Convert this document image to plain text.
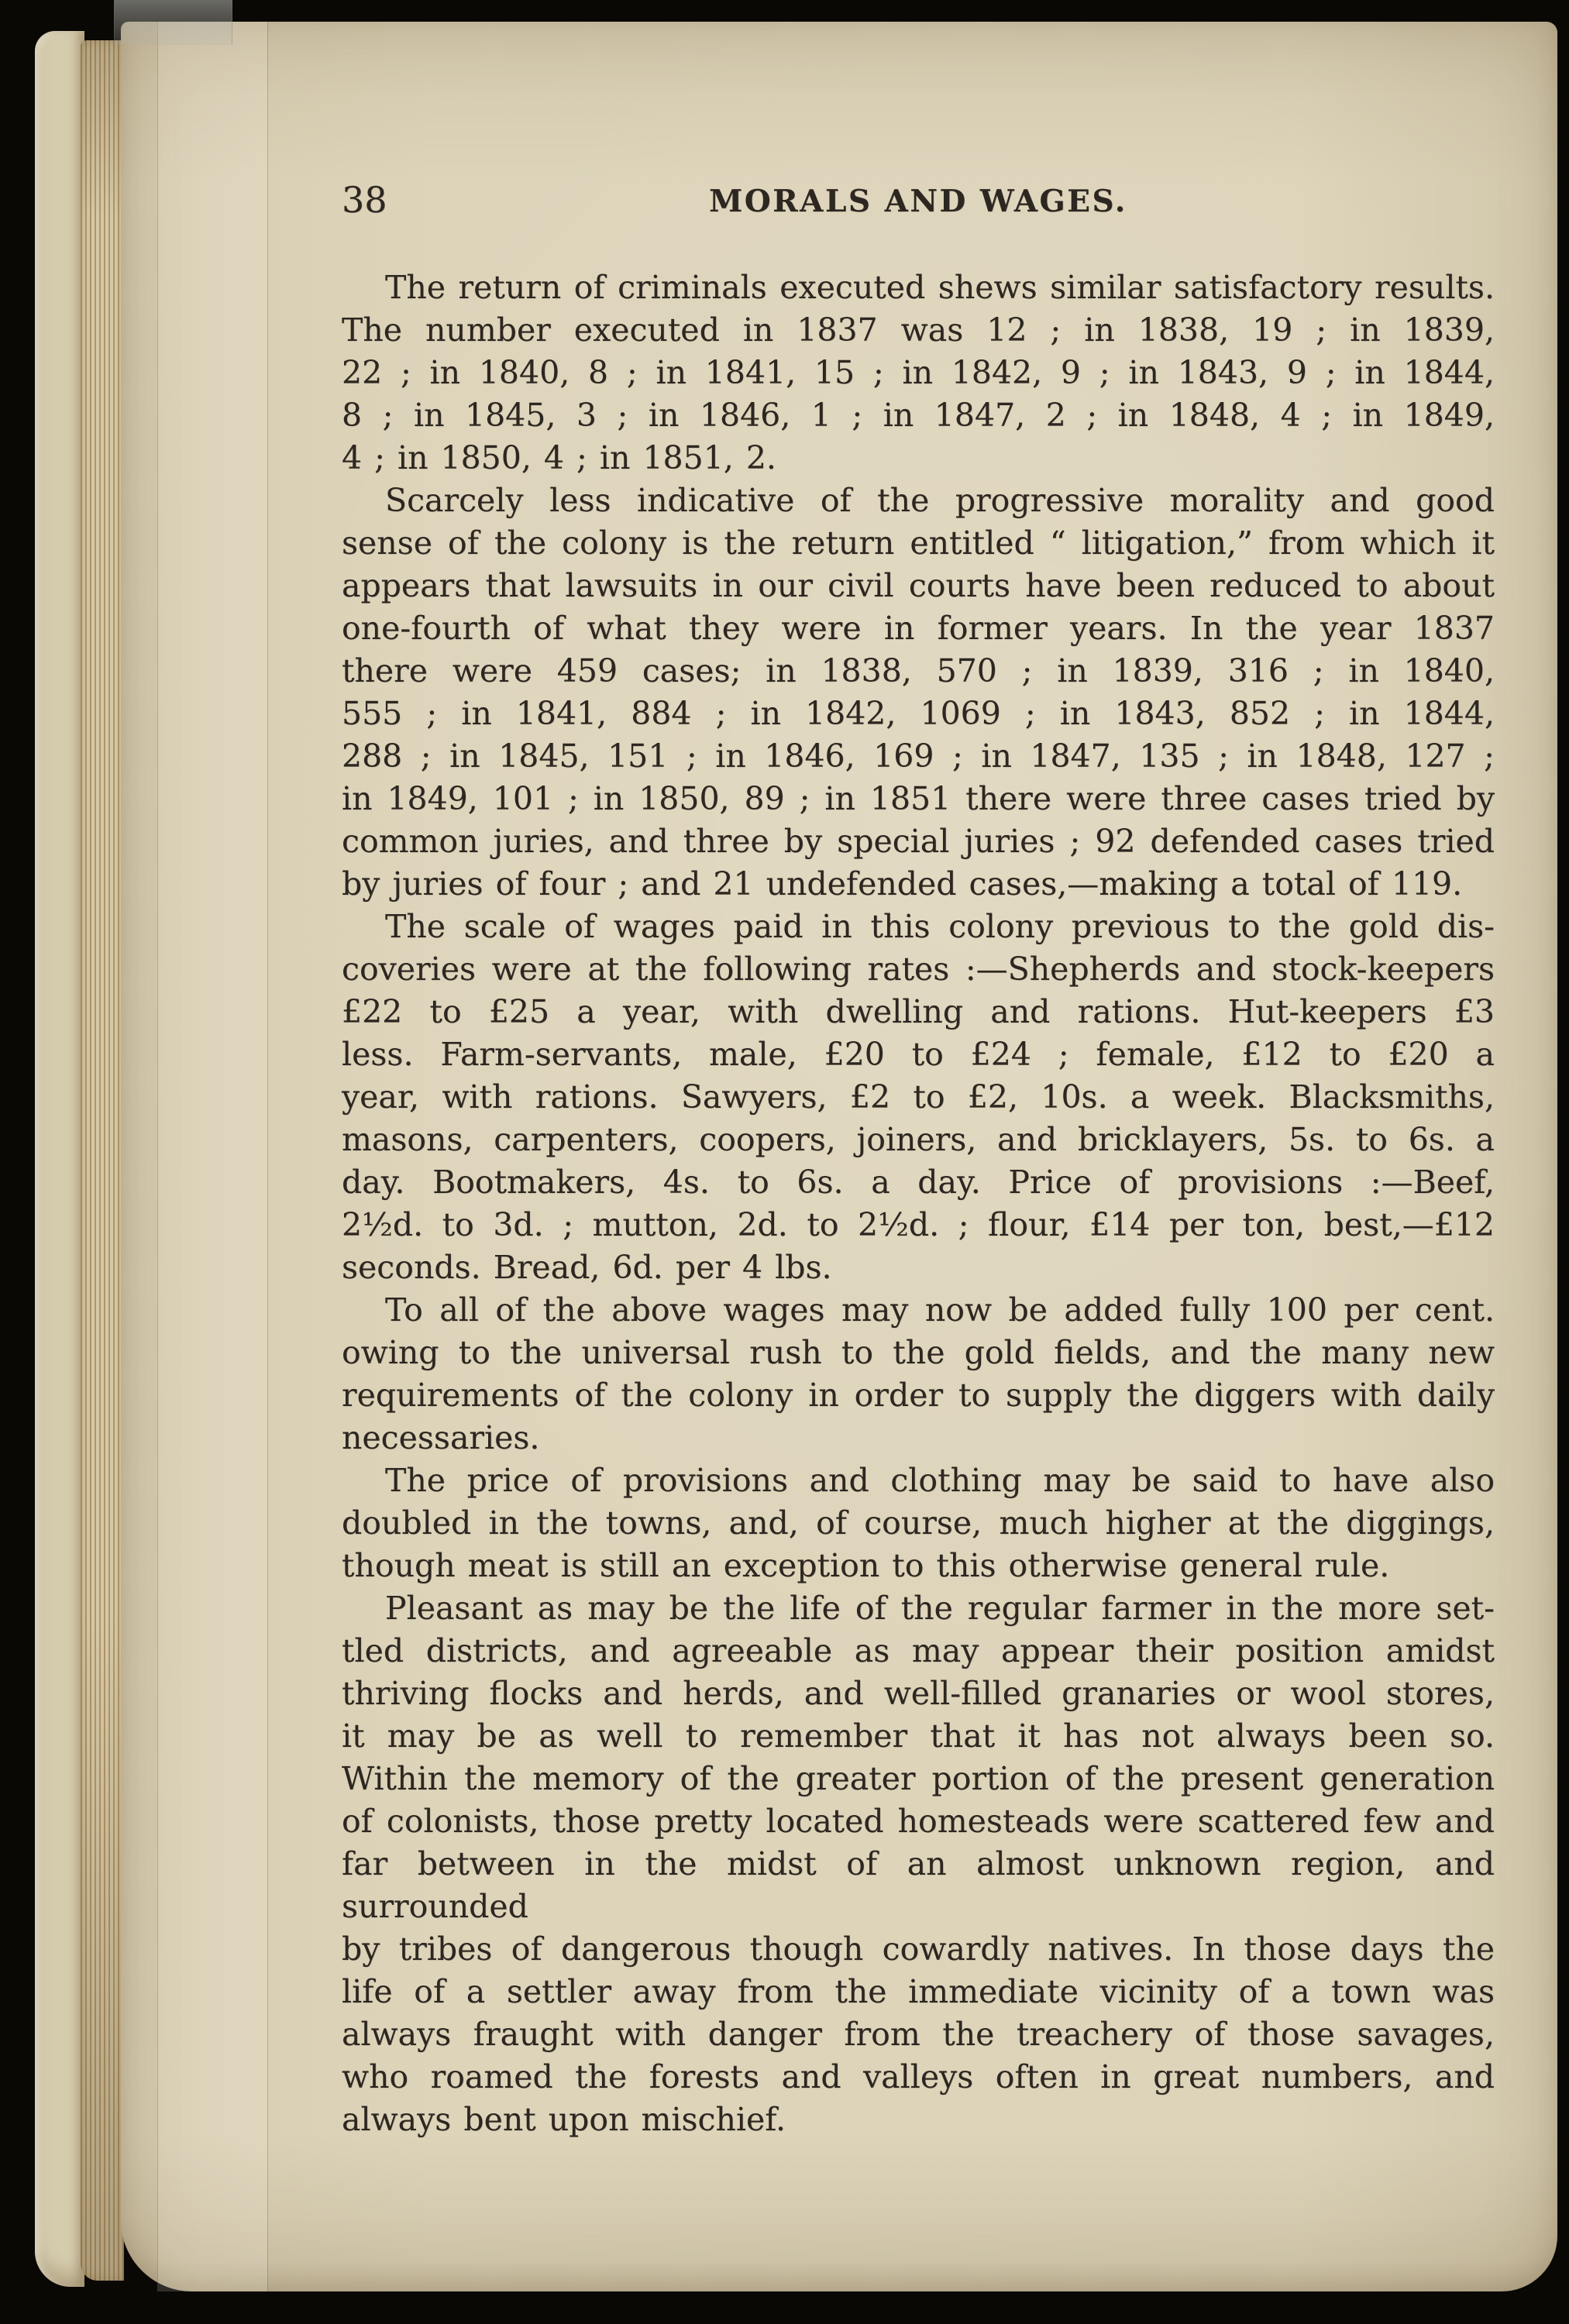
38	MORALS AND WAGES.
The return of criminals executed shews similar satisfactory results.
The number executed in 1837 was 12 ; in 1838, 19 ; in 1839,
22 ; in 1840, 8 ; in 1841, 15 ; in 1842, 9 ; in 1843, 9 ; in 1844,
8 ; in 1845, 3 ; in 1846, 1 ; in 1847, 2 ; in 1848, 4 ; in 1849,
4 ; in 1850, 4 ; in 1851, 2.
Scarcely less indicative of the progressive morality and good
sense of the colony is the return entitled “ litigation,” from which it
appears that lawsuits in our civil courts have been reduced to about
one-fourth of what they were in former years. In the year 1837
there were 459 cases; in 1838, 570 ; in 1839, 316 ; in 1840,
555 ; in 1841, 884 ; in 1842, 1069 ; in 1843, 852 ; in 1844,
288 ; in 1845, 151 ; in 1846, 169 ; in 1847, 135 ; in 1848, 127 ;
in 1849, 101 ; in 1850, 89 ; in 1851 there were three cases tried by
common juries, and three by special juries ; 92 defended cases tried
by juries of four ; and 21 undefended cases,—making a total of 119.
The scale of wages paid in this colony previous to the gold dis-
coveries were at the following rates :—Shepherds and stock-keepers
£22 to £25 a year, with dwelling and rations. Hut-keepers £3
less. Farm-servants, male, £20 to £24 ; female, £12 to £20 a
year, with rations. Sawyers, £2 to £2, 10s. a week. Blacksmiths,
masons, carpenters, coopers, joiners, and bricklayers, 5s. to 6s. a
day. Bootmakers, 4s. to 6s. a day. Price of provisions :—Beef,
2½d. to 3d. ; mutton, 2d. to 2½d. ; flour, £14 per ton, best,—£12
seconds. Bread, 6d. per 4 lbs.
To all of the above wages may now be added fully 100 per cent.
owing to the universal rush to the gold fields, and the many new
requirements of the colony in order to supply the diggers with daily
necessaries.
The price of provisions and clothing may be said to have also
doubled in the towns, and, of course, much higher at the diggings,
though meat is still an exception to this otherwise general rule.
Pleasant as may be the life of the regular farmer in the more set-
tled districts, and agreeable as may appear their position amidst
thriving flocks and herds, and well-filled granaries or wool stores,
it may be as well to remember that it has not always been so.
Within the memory of the greater portion of the present generation
of colonists, those pretty located homesteads were scattered few and
far between in the midst of an almost unknown region, and surrounded
by tribes of dangerous though cowardly natives. In those days the
life of a settler away from the immediate vicinity of a town was
always fraught with danger from the treachery of those savages,
who roamed the forests and valleys often in great numbers, and
always bent upon mischief.
